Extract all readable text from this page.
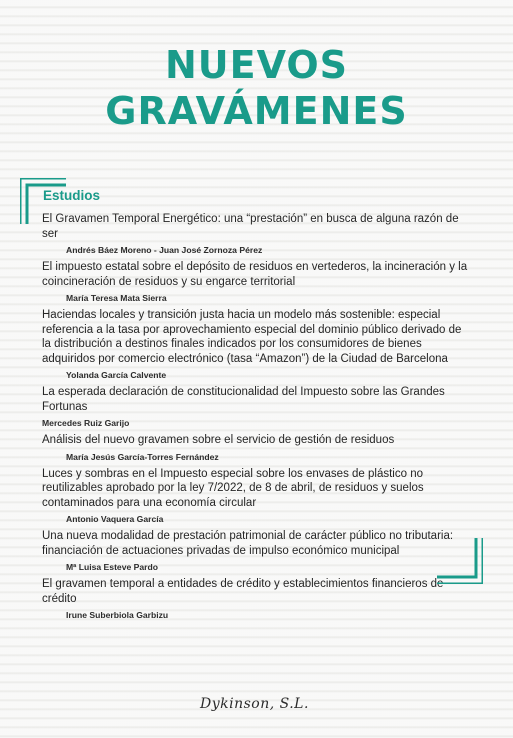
NUEVOS
GRAVÁMENES
Estudios

El Gravamen Temporal Energético: una “prestación” en busca de alguna razón de ser

Andrés Báez Moreno - Juan José Zornoza Pérez

El impuesto estatal sobre el depósito de residuos en vertederos, la incineración y la coincineración de residuos y su engarce territorial

María Teresa Mata Sierra

Haciendas locales y transición justa hacia un modelo más sostenible: especial referencia a la tasa por aprovechamiento especial del dominio público derivado de la distribución a destinos finales indicados por los consumidores de bienes adquiridos por comercio electrónico (tasa “Amazon”) de la Ciudad de Barcelona

Yolanda García Calvente

La esperada declaración de constitucionalidad del Impuesto sobre las Grandes Fortunas

Mercedes Ruiz Garijo

Análisis del nuevo gravamen sobre el servicio de gestión de residuos

María Jesús García-Torres Fernández

Luces y sombras en el Impuesto especial sobre los envases de plástico no reutilizables aprobado por la ley 7/2022, de 8 de abril, de residuos y suelos contaminados para una economía circular

Antonio Vaquera García

Una nueva modalidad de prestación patrimonial de carácter público no tributaria: financiación de actuaciones privadas de impulso económico municipal

Mª Luisa Esteve Pardo

El gravamen temporal a entidades de crédito y establecimientos financieros de crédito

Irune Suberbiola Garbizu
Dykinson, S.L.
